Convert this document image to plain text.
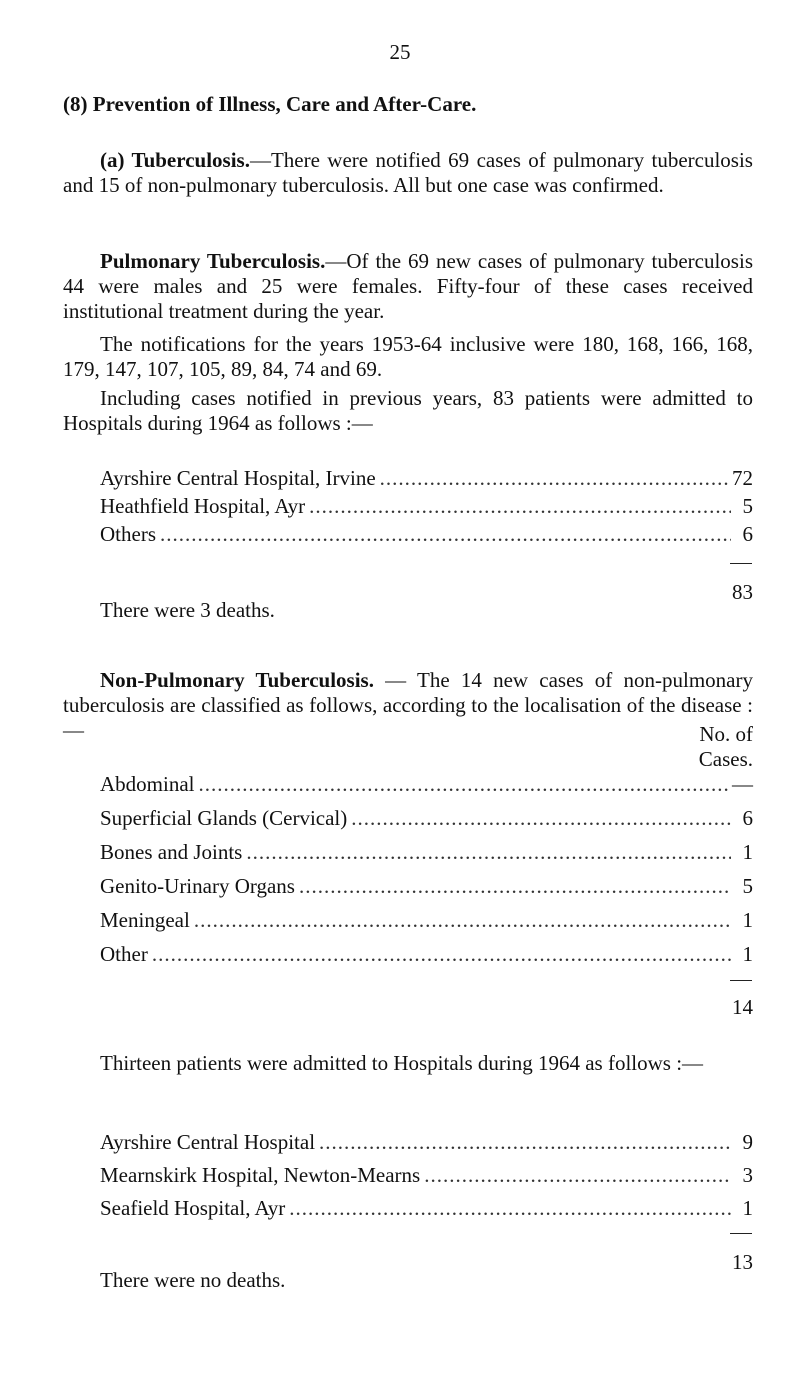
25
(8) Prevention of Illness, Care and After-Care.
(a) Tuberculosis.—There were notified 69 cases of pulmonary tuberculosis and 15 of non-pulmonary tuberculosis. All but one case was confirmed.
Pulmonary Tuberculosis.—Of the 69 new cases of pulmonary tuberculosis 44 were males and 25 were females. Fifty-four of these cases received institutional treatment during the year.
The notifications for the years 1953-64 inclusive were 180, 168, 166, 168, 179, 147, 107, 105, 89, 84, 74 and 69.
Including cases notified in previous years, 83 patients were admitted to Hospitals during 1964 as follows :—
Ayrshire Central Hospital, Irvine .....	72
Heathfield Hospital, Ayr .....	5
Others .....	6
83
There were 3 deaths.
Non-Pulmonary Tuberculosis. — The 14 new cases of non-pulmonary tuberculosis are classified as follows, according to the localisation of the disease :—	No. of
Cases.
Abdominal .....	—
Superficial Glands (Cervical) .....	6
Bones and Joints .....	1
Genito-Urinary Organs .....	5
Meningeal .....	1
Other .....	1
14
Thirteen patients were admitted to Hospitals during 1964 as follows :—
Ayrshire Central Hospital .....	9
Mearnskirk Hospital, Newton-Mearns .....	3
Seafield Hospital, Ayr .....	1
13
There were no deaths.
